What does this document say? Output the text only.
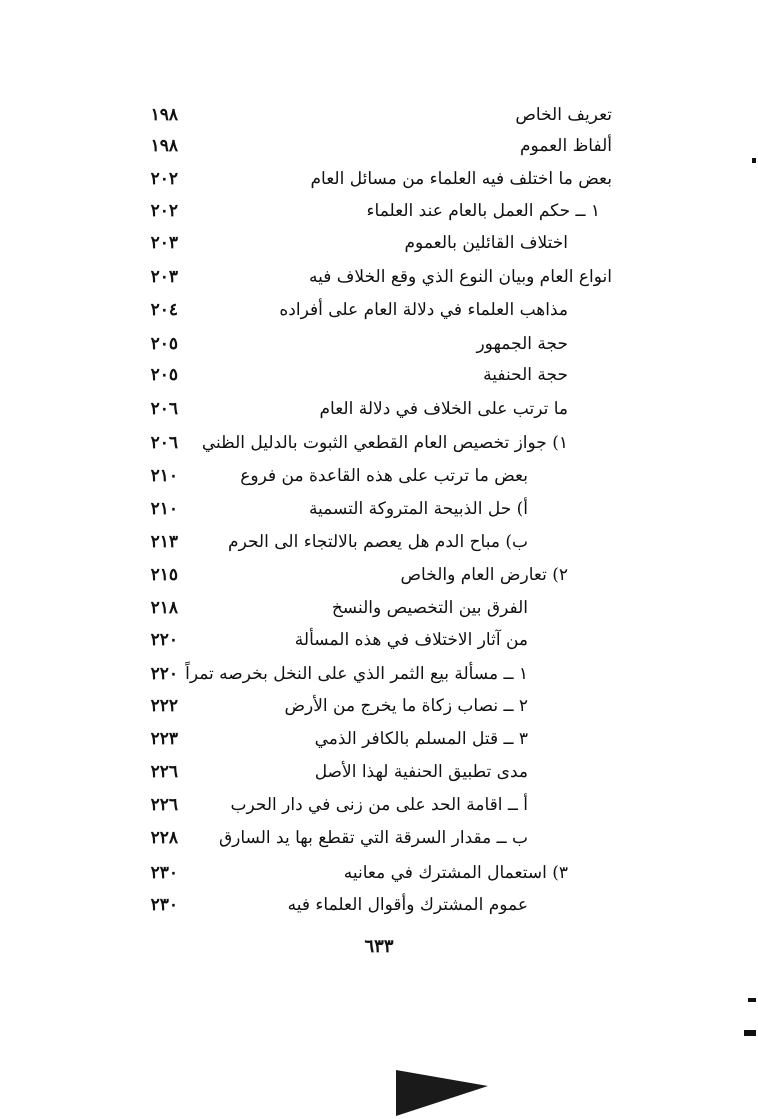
تعريف الخاص
١٩٨
ألفاظ العموم
١٩٨
بعض ما اختلف فيه العلماء من مسائل العام
٢٠٢
١ ــ حكم العمل بالعام عند العلماء
٢٠٢
اختلاف القائلين بالعموم
٢٠٣
انواع العام وبيان النوع الذي وقع الخلاف فيه
٢٠٣
مذاهب العلماء في دلالة العام على أفراده
٢٠٤
حجة الجمهور
٢٠٥
حجة الحنفية
٢٠٥
ما ترتب على الخلاف في دلالة العام
٢٠٦
١) جواز تخصيص العام القطعي الثبوت بالدليل الظني
٢٠٦
بعض ما ترتب على هذه القاعدة من فروع
٢١٠
أ) حل الذبيحة المتروكة التسمية
٢١٠
ب) مباح الدم هل يعصم بالالتجاء الى الحرم
٢١٣
٢) تعارض العام والخاص
٢١٥
الفرق بين التخصيص والنسخ
٢١٨
من آثار الاختلاف في هذه المسألة
٢٢٠
١ ــ مسألة بيع الثمر الذي على النخل بخرصه تمراً
٢٢٠
٢ ــ نصاب زكاة ما يخرج من الأرض
٢٢٢
٣ ــ قتل المسلم بالكافر الذمي
٢٢٣
مدى تطبيق الحنفية لهذا الأصل
٢٢٦
أ ــ اقامة الحد على من زنى في دار الحرب
٢٢٦
ب ــ مقدار السرقة التي تقطع بها يد السارق
٢٢٨
٣) استعمال المشترك في معانيه
٢٣٠
عموم المشترك وأقوال العلماء فيه
٢٣٠
٦٣٣
